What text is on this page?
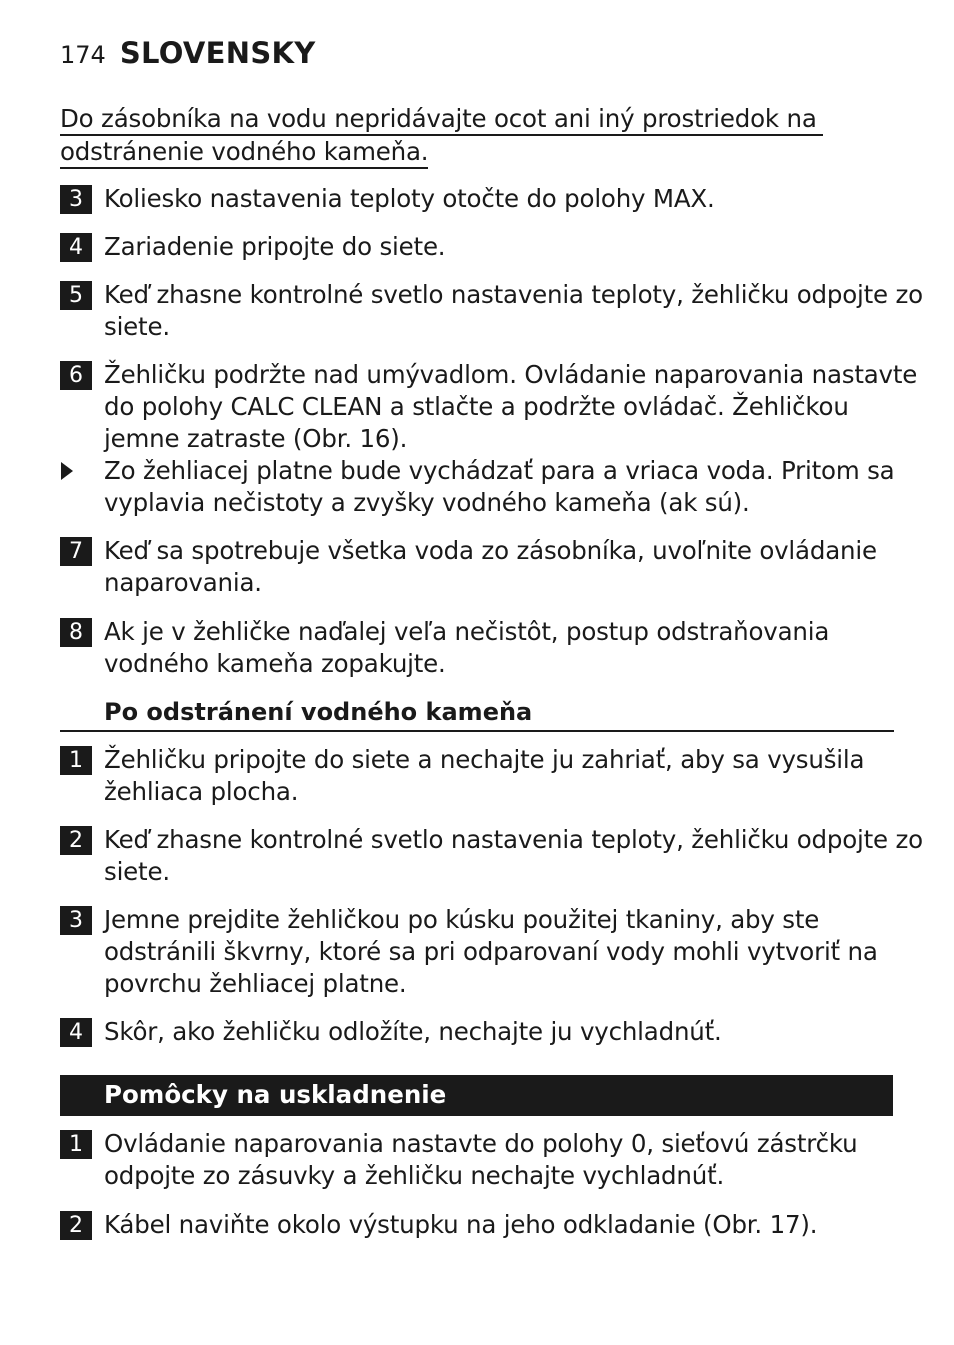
174 SLOVENSKY
Do zásobníka na vodu nepridávajte ocot ani iný prostriedok na
odstránenie vodného kameňa.
3 Koliesko nastavenia teploty otočte do polohy MAX.
4 Zariadenie pripojte do siete.
5 Keď zhasne kontrolné svetlo nastavenia teploty, žehličku odpojte zo
siete.
6 Žehličku podržte nad umývadlom. Ovládanie naparovania nastavte
do polohy CALC CLEAN a stlačte a podržte ovládač. Žehličkou
jemne zatraste (Obr. 16).
Zo žehliacej platne bude vychádzať para a vriaca voda. Pritom sa
vyplavia nečistoty a zvyšky vodného kameňa (ak sú).
7 Keď sa spotrebuje všetka voda zo zásobníka, uvoľnite ovládanie
naparovania.
8 Ak je v žehličke naďalej veľa nečistôt, postup odstraňovania
vodného kameňa zopakujte.
Po odstránení vodného kameňa
1 Žehličku pripojte do siete a nechajte ju zahriať, aby sa vysušila
žehliaca plocha.
2 Keď zhasne kontrolné svetlo nastavenia teploty, žehličku odpojte zo
siete.
3 Jemne prejdite žehličkou po kúsku použitej tkaniny, aby ste
odstránili škvrny, ktoré sa pri odparovaní vody mohli vytvoriť na
povrchu žehliacej platne.
4 Skôr, ako žehličku odložíte, nechajte ju vychladnúť.
Pomôcky na uskladnenie
1 Ovládanie naparovania nastavte do polohy 0, sieťovú zástrčku
odpojte zo zásuvky a žehličku nechajte vychladnúť.
2 Kábel naviňte okolo výstupku na jeho odkladanie (Obr. 17).
